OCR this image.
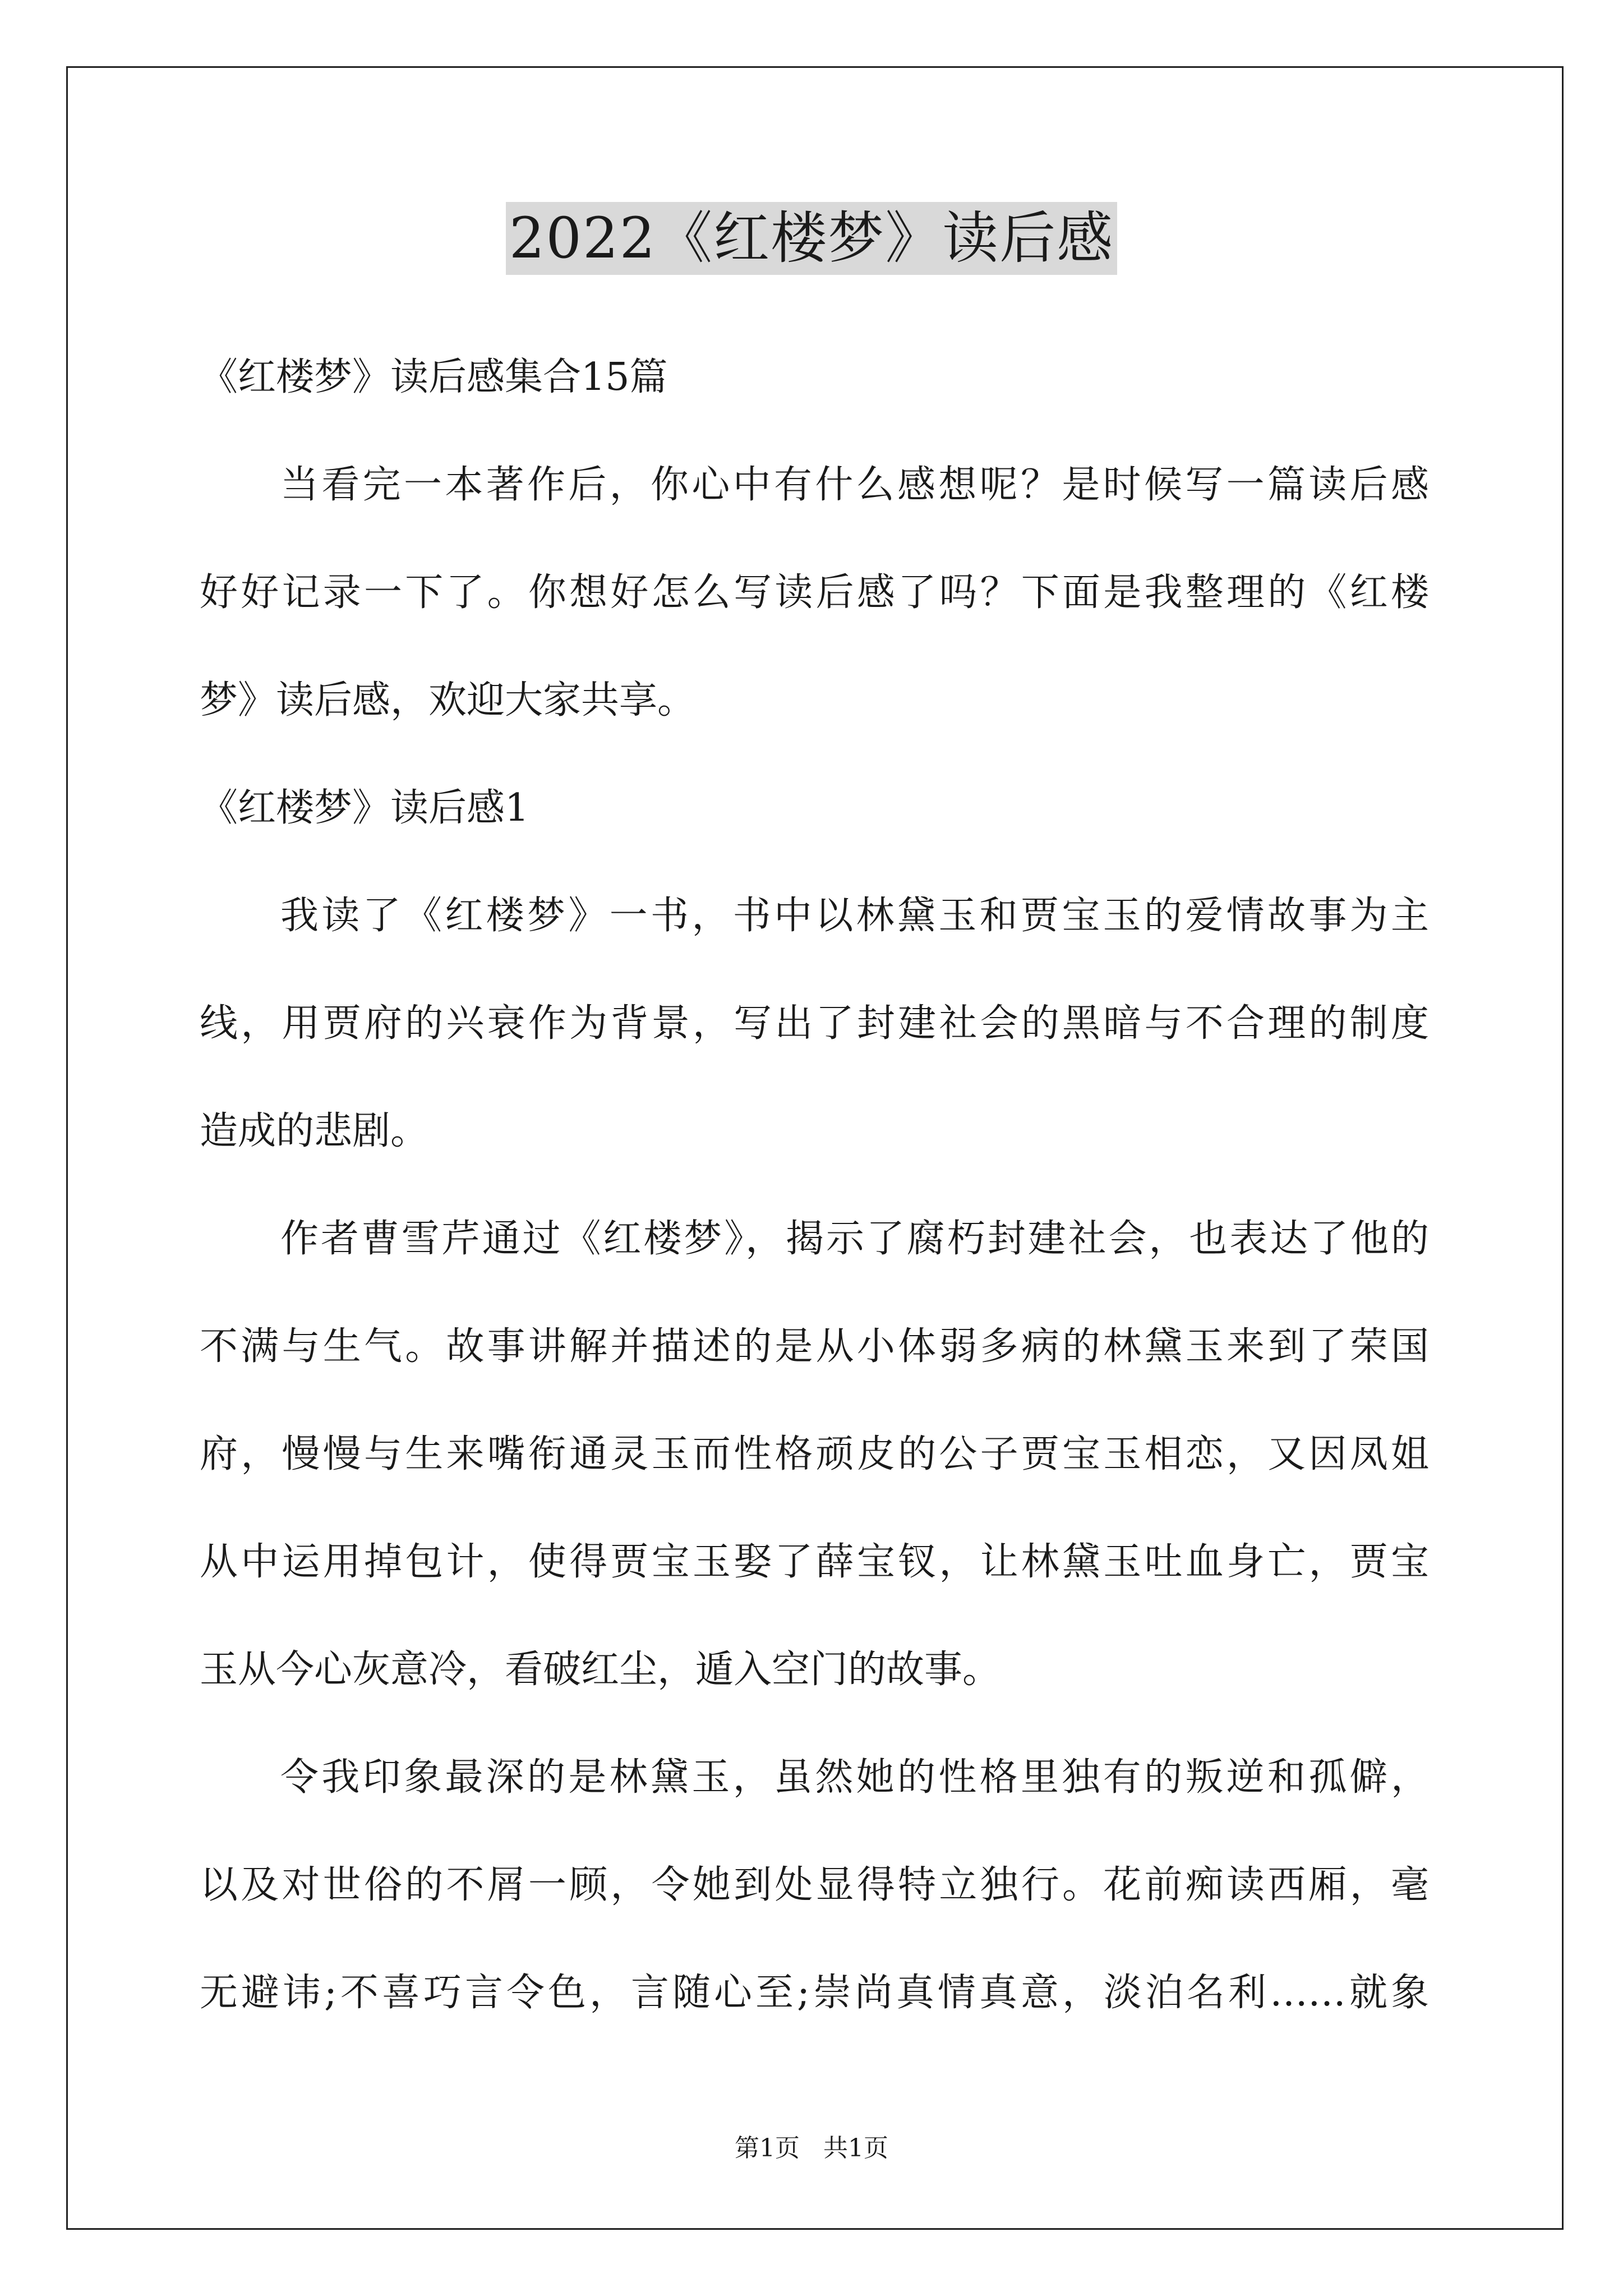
2022《红楼梦》读后感
《红楼梦》读后感集合15篇
当看完一本著作后，你心中有什么感想呢？是时候写一篇读后感
好好记录一下了。你想好怎么写读后感了吗？下面是我整理的《红楼
梦》读后感，欢迎大家共享。
《红楼梦》读后感1
我读了《红楼梦》一书，书中以林黛玉和贾宝玉的爱情故事为主
线，用贾府的兴衰作为背景，写出了封建社会的黑暗与不合理的制度
造成的悲剧。
作者曹雪芹通过《红楼梦》，揭示了腐朽封建社会，也表达了他的
不满与生气。故事讲解并描述的是从小体弱多病的林黛玉来到了荣国
府，慢慢与生来嘴衔通灵玉而性格顽皮的公子贾宝玉相恋，又因凤姐
从中运用掉包计，使得贾宝玉娶了薛宝钗，让林黛玉吐血身亡，贾宝
玉从今心灰意冷，看破红尘，遁入空门的故事。
令我印象最深的是林黛玉，虽然她的性格里独有的叛逆和孤僻，
以及对世俗的不屑一顾，令她到处显得特立独行。花前痴读西厢，毫
无避讳;不喜巧言令色，言随心至;崇尚真情真意，淡泊名利……就象
第1页   共1页
